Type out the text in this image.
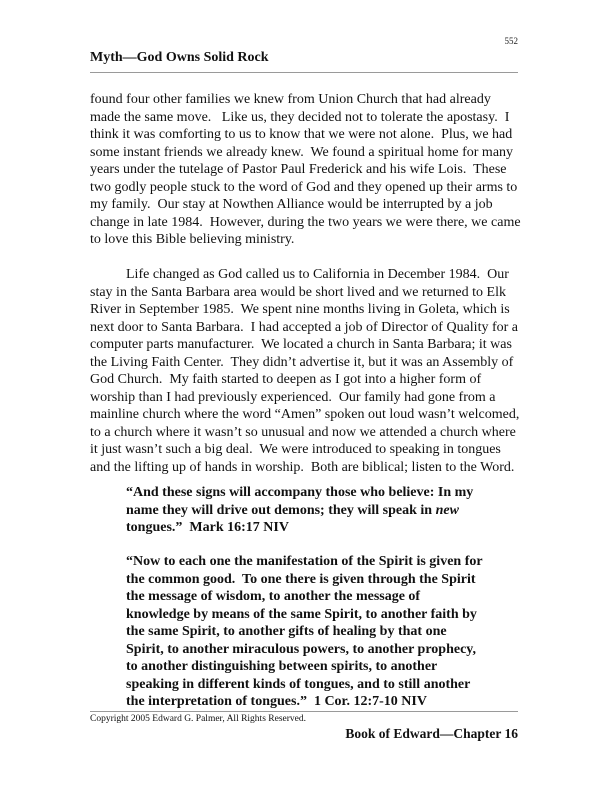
552
Myth—God Owns Solid Rock
found four other families we knew from Union Church that had already
made the same move.   Like us, they decided not to tolerate the apostasy.  I
think it was comforting to us to know that we were not alone.  Plus, we had
some instant friends we already knew.  We found a spiritual home for many
years under the tutelage of Pastor Paul Frederick and his wife Lois.  These
two godly people stuck to the word of God and they opened up their arms to
my family.  Our stay at Nowthen Alliance would be interrupted by a job
change in late 1984.  However, during the two years we were there, we came
to love this Bible believing ministry.
Life changed as God called us to California in December 1984.  Our
stay in the Santa Barbara area would be short lived and we returned to Elk
River in September 1985.  We spent nine months living in Goleta, which is
next door to Santa Barbara.  I had accepted a job of Director of Quality for a
computer parts manufacturer.  We located a church in Santa Barbara; it was
the Living Faith Center.  They didn’t advertise it, but it was an Assembly of
God Church.  My faith started to deepen as I got into a higher form of
worship than I had previously experienced.  Our family had gone from a
mainline church where the word “Amen” spoken out loud wasn’t welcomed,
to a church where it wasn’t so unusual and now we attended a church where
it just wasn’t such a big deal.  We were introduced to speaking in tongues
and the lifting up of hands in worship.  Both are biblical; listen to the Word.
“And these signs will accompany those who believe: In my
name they will drive out demons; they will speak in new
tongues.”  Mark 16:17 NIV
“Now to each one the manifestation of the Spirit is given for
the common good.  To one there is given through the Spirit
the message of wisdom, to another the message of
knowledge by means of the same Spirit, to another faith by
the same Spirit, to another gifts of healing by that one
Spirit, to another miraculous powers, to another prophecy,
to another distinguishing between spirits, to another
speaking in different kinds of tongues, and to still another
the interpretation of tongues.”  1 Cor. 12:7-10 NIV
Copyright 2005 Edward G. Palmer, All Rights Reserved.
Book of Edward—Chapter 16
